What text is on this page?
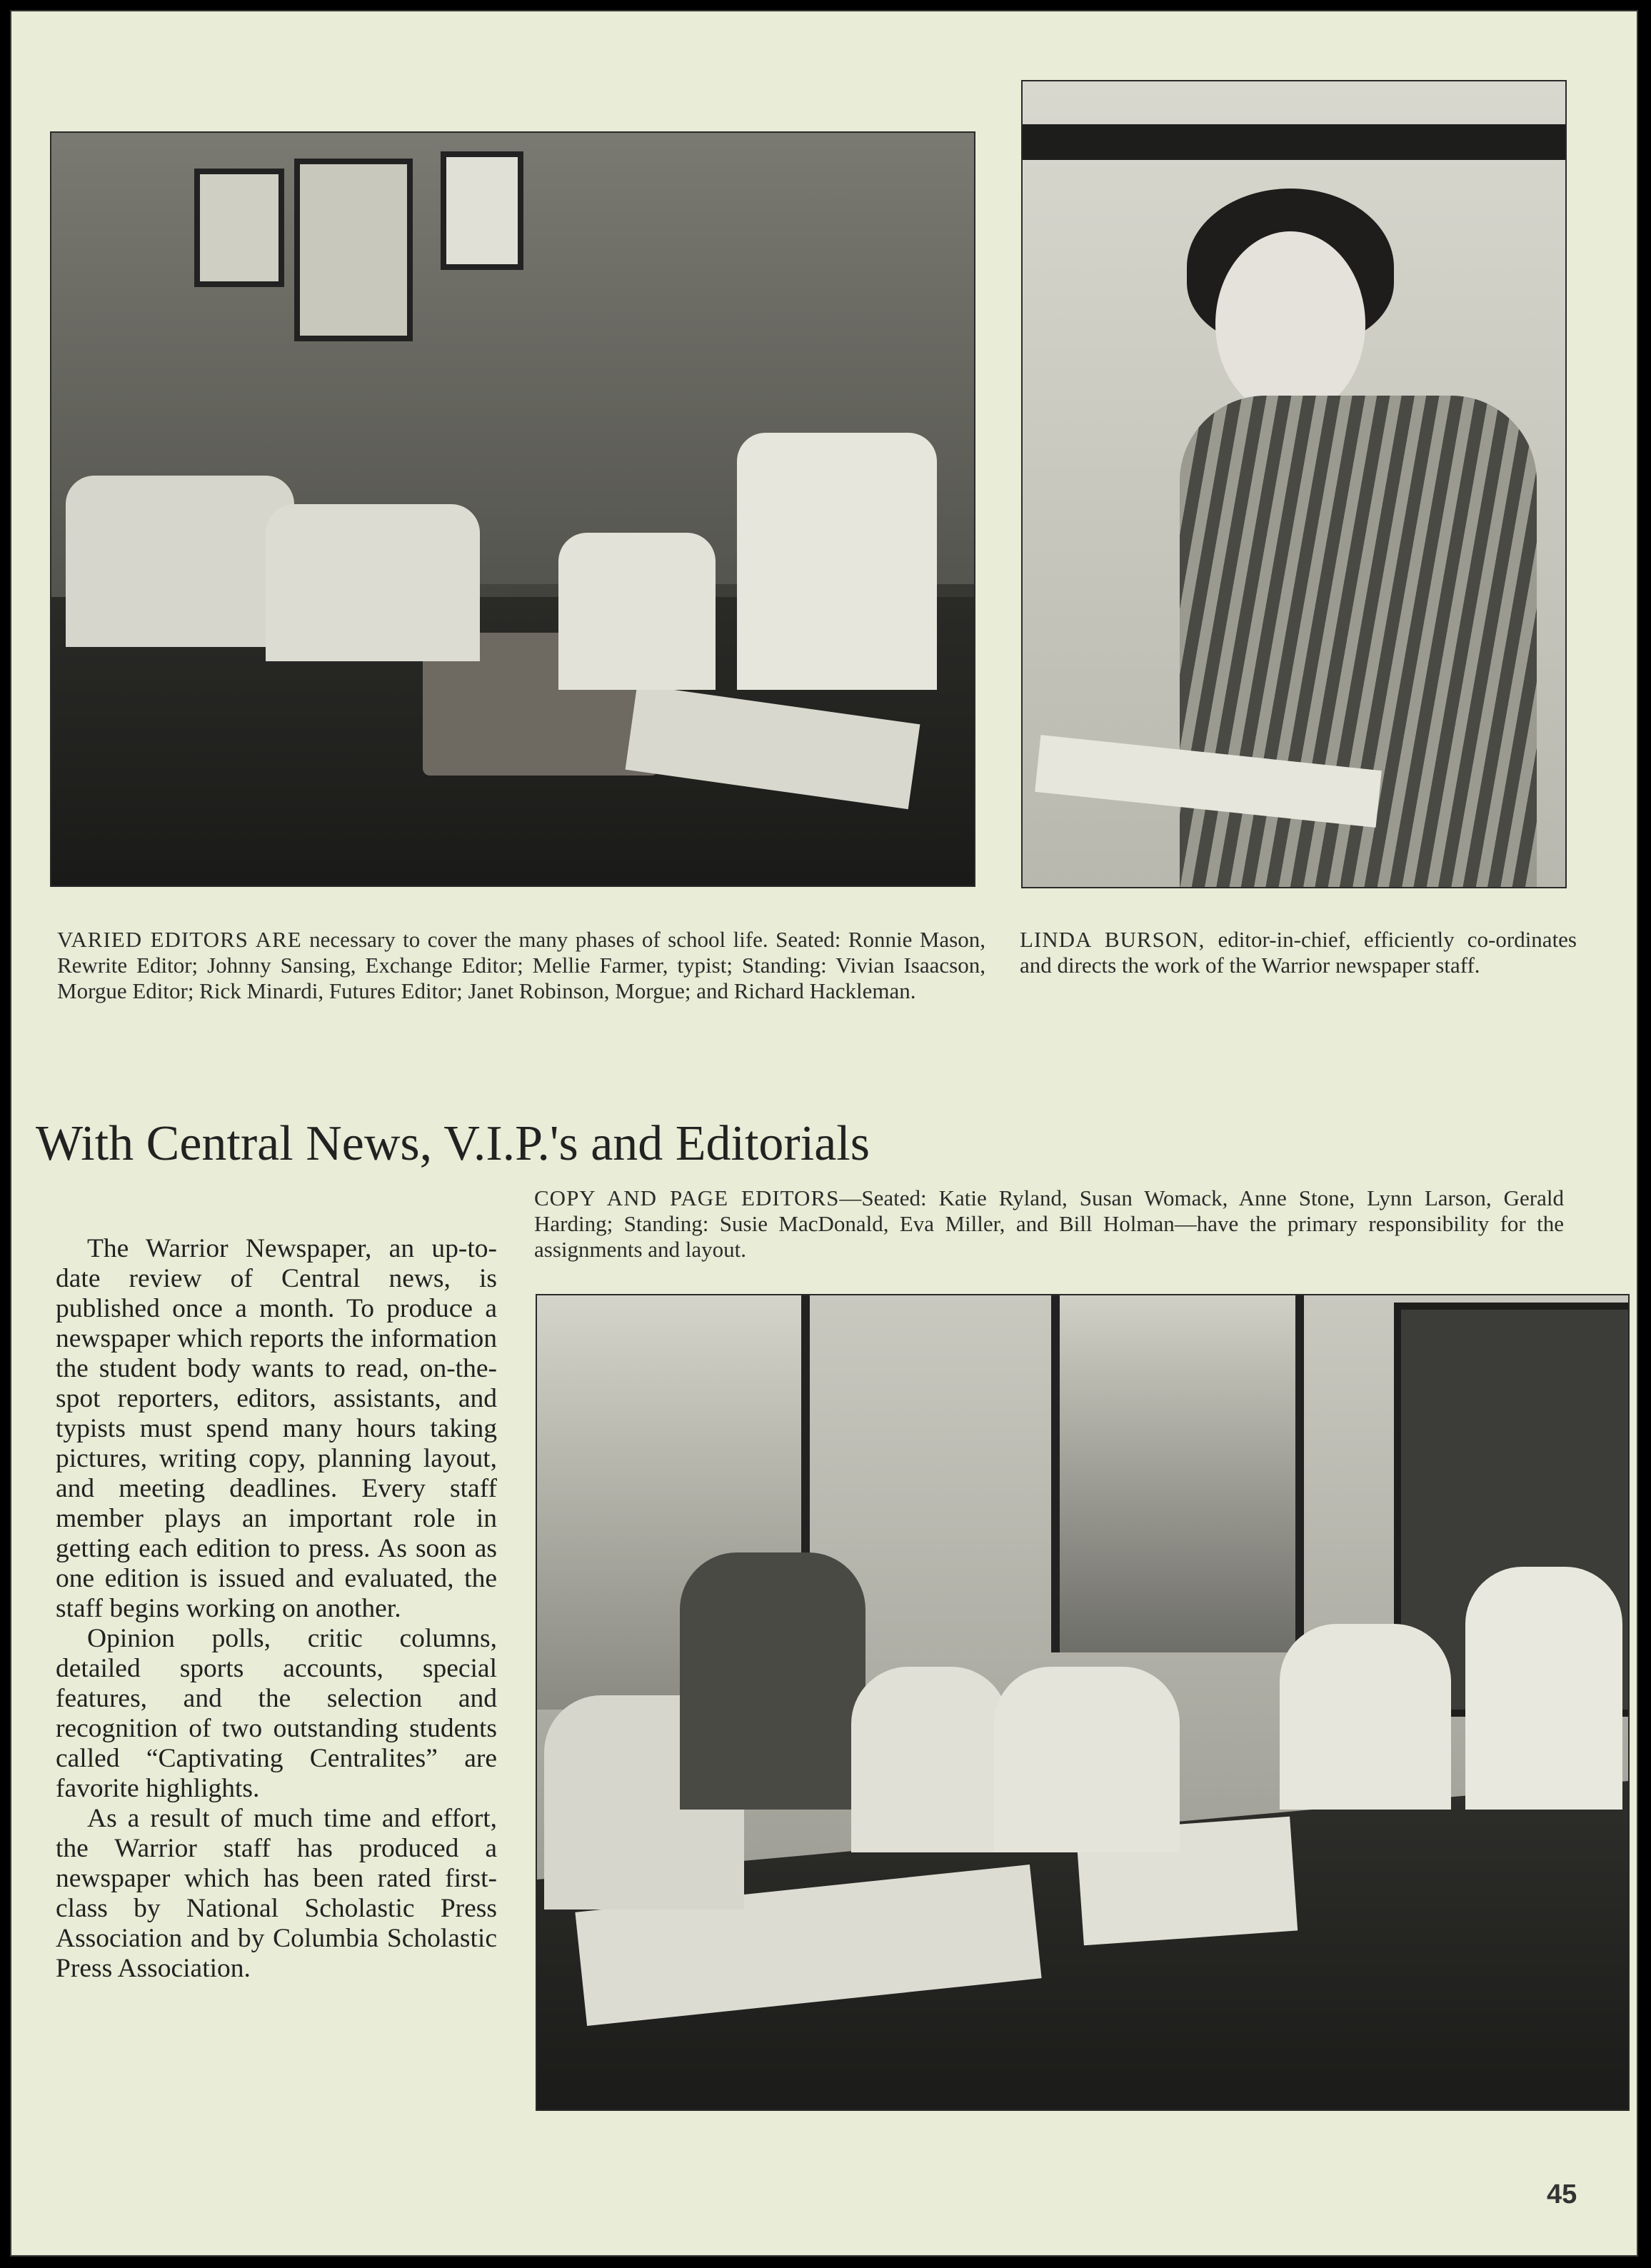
VARIED EDITORS ARE necessary to cover the many phases of school life. Seated: Ronnie Mason, Rewrite Editor; Johnny Sansing, Exchange Editor; Mellie Farmer, typist; Standing: Vivian Isaacson, Morgue Editor; Rick Minardi, Futures Editor; Janet Robinson, Morgue; and Richard Hackleman.
LINDA BURSON, editor-in-chief, efficiently co-ordinates and directs the work of the Warrior newspaper staff.
With Central News, V.I.P.'s and Editorials
COPY AND PAGE EDITORS—Seated: Katie Ryland, Susan Womack, Anne Stone, Lynn Larson, Gerald Harding; Standing: Susie MacDonald, Eva Miller, and Bill Holman—have the primary responsibility for the assignments and layout.

The Warrior Newspaper, an up-to-date review of Central news, is published once a month. To produce a newspaper which reports the information the student body wants to read, on-the-spot reporters, editors, assistants, and typists must spend many hours taking pictures, writing copy, planning layout, and meeting deadlines. Every staff member plays an important role in getting each edition to press. As soon as one edition is issued and evaluated, the staff begins working on another.

Opinion polls, critic columns, detailed sports accounts, special features, and the selection and recognition of two outstanding students called “Captivating Centralites” are favorite highlights.

As a result of much time and effort, the Warrior staff has produced a newspaper which has been rated first-class by National Scholastic Press Association and by Columbia Scholastic Press Association.

45
